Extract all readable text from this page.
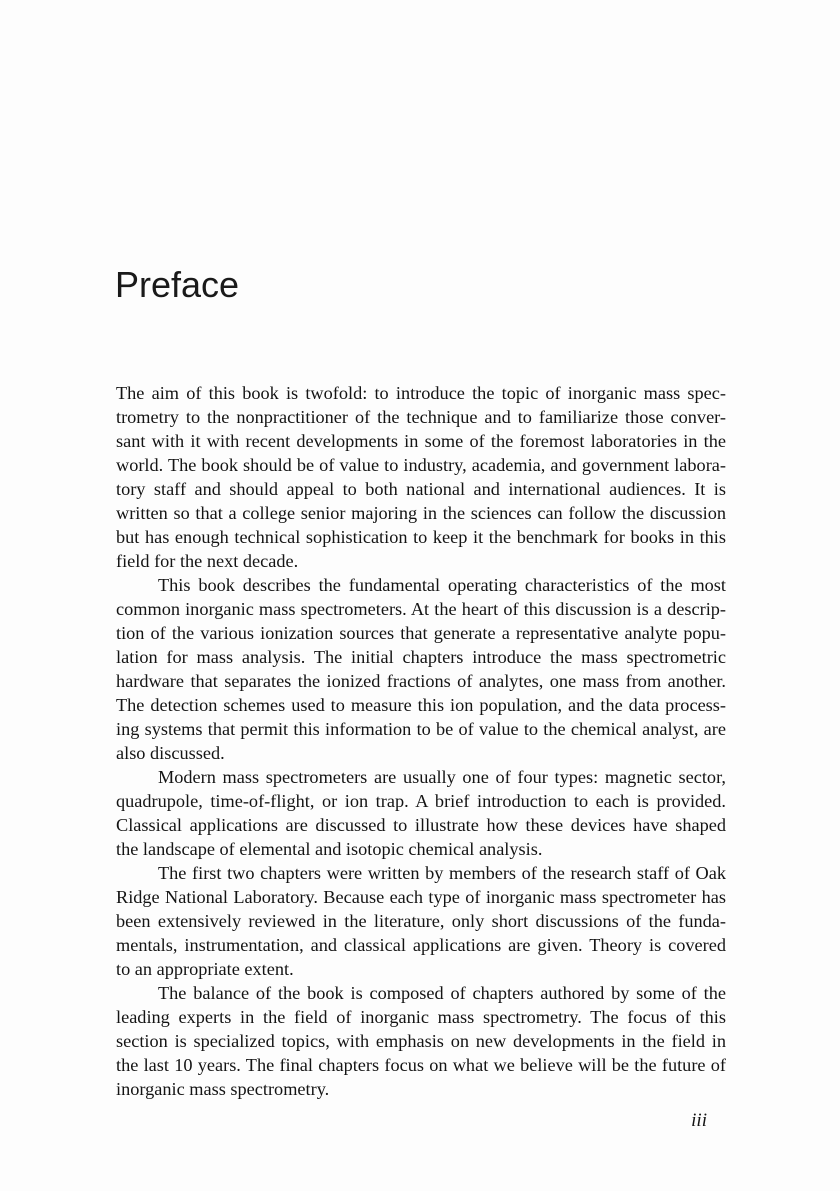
Preface
The aim of this book is twofold: to introduce the topic of inorganic mass spec-
trometry to the nonpractitioner of the technique and to familiarize those conver-
sant with it with recent developments in some of the foremost laboratories in the
world. The book should be of value to industry, academia, and government labora-
tory staff and should appeal to both national and international audiences. It is
written so that a college senior majoring in the sciences can follow the discussion
but has enough technical sophistication to keep it the benchmark for books in this
field for the next decade.
This book describes the fundamental operating characteristics of the most
common inorganic mass spectrometers. At the heart of this discussion is a descrip-
tion of the various ionization sources that generate a representative analyte popu-
lation for mass analysis. The initial chapters introduce the mass spectrometric
hardware that separates the ionized fractions of analytes, one mass from another.
The detection schemes used to measure this ion population, and the data process-
ing systems that permit this information to be of value to the chemical analyst, are
also discussed.
Modern mass spectrometers are usually one of four types: magnetic sector,
quadrupole, time-of-flight, or ion trap. A brief introduction to each is provided.
Classical applications are discussed to illustrate how these devices have shaped
the landscape of elemental and isotopic chemical analysis.
The first two chapters were written by members of the research staff of Oak
Ridge National Laboratory. Because each type of inorganic mass spectrometer has
been extensively reviewed in the literature, only short discussions of the funda-
mentals, instrumentation, and classical applications are given. Theory is covered
to an appropriate extent.
The balance of the book is composed of chapters authored by some of the
leading experts in the field of inorganic mass spectrometry. The focus of this
section is specialized topics, with emphasis on new developments in the field in
the last 10 years. The final chapters focus on what we believe will be the future of
inorganic mass spectrometry.
iii
